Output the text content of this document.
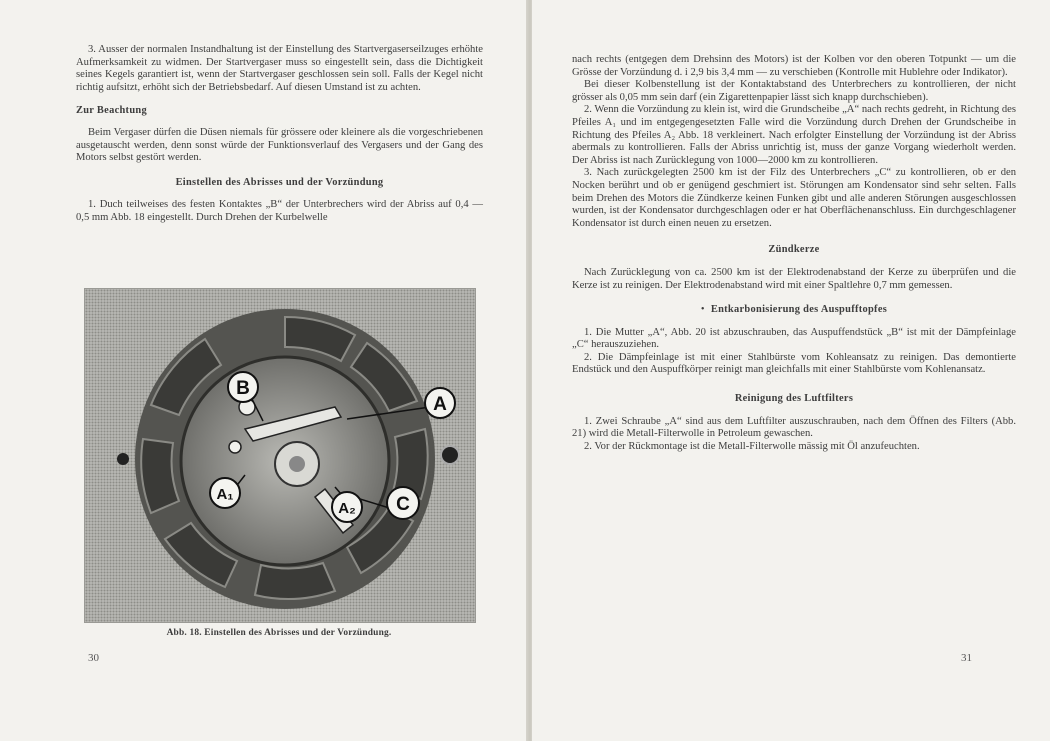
3. Ausser der normalen Instandhaltung ist der Einstellung des Startvergaserseilzuges erhöhte Aufmerksamkeit zu widmen. Der Startvergaser muss so eingestellt sein, dass die Dichtigkeit seines Kegels garantiert ist, wenn der Startvergaser geschlossen sein soll. Falls der Kegel nicht richtig aufsitzt, erhöht sich der Betriebsbedarf. Auf diesen Umstand ist zu achten.

Zur Beachtung

Beim Vergaser dürfen die Düsen niemals für grössere oder kleinere als die vorgeschriebenen ausgetauscht werden, denn sonst würde der Funktionsverlauf des Vergasers und der Gang des Motors selbst gestört werden.

Einstellen des Abrisses und der Vorzündung

1. Duch teilweises des festen Kontaktes „B“ der Unterbrechers wird der Abriss auf 0,4 — 0,5 mm Abb. 18 eingestellt. Durch Drehen der Kurbelwelle

B
A
C
A₁
A₂
Abb. 18. Einstellen des Abrisses und der Vorzündung.
30

nach rechts (entgegen dem Drehsinn des Motors) ist der Kolben vor den oberen Totpunkt — um die Grösse der Vorzündung d. i 2,9 bis 3,4 mm — zu verschieben (Kontrolle mit Hublehre oder Indikator).

Bei dieser Kolbenstellung ist der Kontaktabstand des Unterbrechers zu kontrollieren, der nicht grösser als 0,05 mm sein darf (ein Zigarettenpapier lässt sich knapp durchschieben).

2. Wenn die Vorzündung zu klein ist, wird die Grundscheibe „A“ nach rechts gedreht, in Richtung des Pfeiles A₁ und im entgegengesetzten Falle wird die Vorzündung durch Drehen der Grundscheibe in Richtung des Pfeiles A₂ Abb. 18 verkleinert. Nach erfolgter Einstellung der Vorzündung ist der Abriss abermals zu kontrollieren. Falls der Abriss unrichtig ist, muss der ganze Vorgang wiederholt werden. Der Abriss ist nach Zurücklegung von 1000—2000 km zu kontrollieren.

3. Nach zurückgelegten 2500 km ist der Filz des Unterbrechers „C“ zu kontrollieren, ob er den Nocken berührt und ob er genügend geschmiert ist. Störungen am Kondensator sind sehr selten. Falls beim Drehen des Motors die Zündkerze keinen Funken gibt und alle anderen Störungen ausgeschlossen wurden, ist der Kondensator durchgeschlagen oder er hat Oberflächenanschluss. Ein durchgeschlagener Kondensator ist durch einen neuen zu ersetzen.

Zündkerze

Nach Zurücklegung von ca. 2500 km ist der Elektrodenabstand der Kerze zu überprüfen und die Kerze ist zu reinigen. Der Elektrodenabstand wird mit einer Spaltlehre 0,7 mm gemessen.

• Entkarbonisierung des Auspufftopfes

1. Die Mutter „A“, Abb. 20 ist abzuschrauben, das Auspuffendstück „B“ ist mit der Dämpfeinlage „C“ herauszuziehen.

2. Die Dämpfeinlage ist mit einer Stahlbürste vom Kohleansatz zu reinigen. Das demontierte Endstück und den Auspuffkörper reinigt man gleichfalls mit einer Stahlbürste vom Kohlenansatz.

Reinigung des Luftfilters

1. Zwei Schraube „A“ sind aus dem Luftfilter auszuschrauben, nach dem Öffnen des Filters (Abb. 21) wird die Metall-Filterwolle in Petroleum gewaschen.

2. Vor der Rückmontage ist die Metall-Filterwolle mässig mit Öl anzufeuchten.

31
